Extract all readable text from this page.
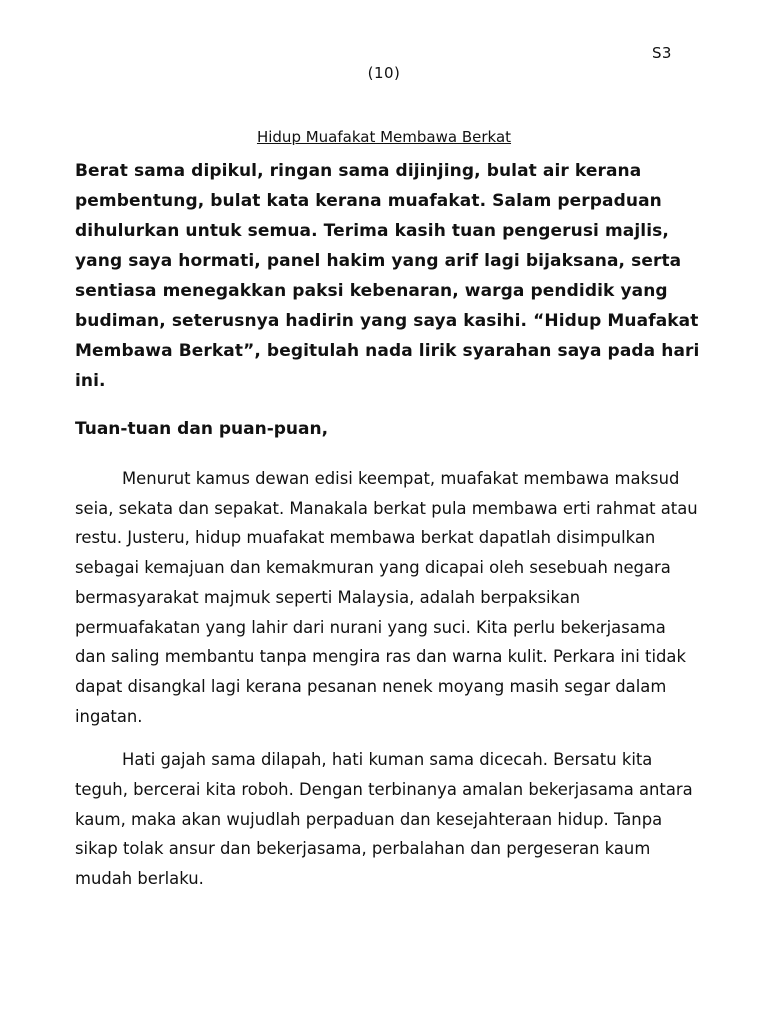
S3
(10)
Hidup Muafakat Membawa Berkat

Berat sama dipikul, ringan sama dijinjing, bulat air kerana pembentung, bulat kata kerana muafakat. Salam perpaduan dihulurkan untuk semua. Terima kasih tuan pengerusi majlis, yang saya hormati, panel hakim yang arif lagi bijaksana, serta sentiasa menegakkan paksi kebenaran, warga pendidik yang budiman, seterusnya hadirin yang saya kasihi. “Hidup Muafakat Membawa Berkat”, begitulah nada lirik syarahan saya pada hari ini.

Tuan-tuan dan puan-puan,

Menurut kamus dewan edisi keempat, muafakat membawa maksud seia, sekata dan sepakat. Manakala berkat pula membawa erti rahmat atau restu. Justeru, hidup muafakat membawa berkat dapatlah disimpulkan sebagai kemajuan dan kemakmuran yang dicapai oleh sesebuah negara bermasyarakat majmuk seperti Malaysia, adalah berpaksikan permuafakatan yang lahir dari nurani yang suci. Kita perlu bekerjasama dan saling membantu tanpa mengira ras dan warna kulit. Perkara ini tidak dapat disangkal lagi kerana pesanan nenek moyang masih segar dalam ingatan.

Hati gajah sama dilapah, hati kuman sama dicecah. Bersatu kita teguh, bercerai kita roboh. Dengan terbinanya amalan bekerjasama antara kaum, maka akan wujudlah perpaduan dan kesejahteraan hidup. Tanpa sikap tolak ansur dan bekerjasama, perbalahan dan pergeseran kaum mudah berlaku.
